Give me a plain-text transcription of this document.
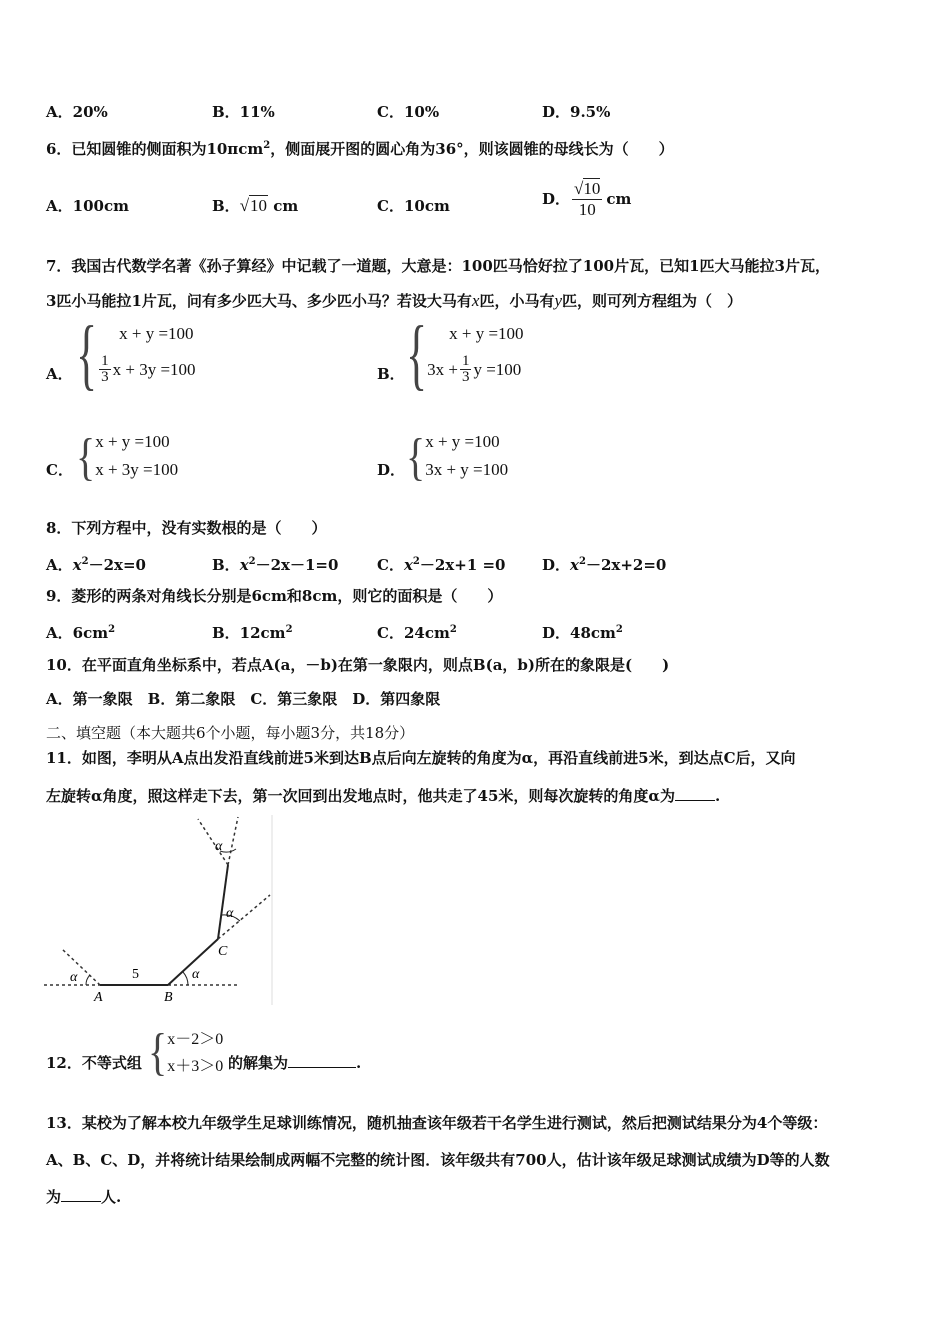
A．20%	B．11%	C．10%	D．9.5%
6．已知圆锥的侧面积为10πcm$^2$，侧面展开图的圆心角为36°，则该圆锥的母线长为（　　）
A．100cm	B．√10 cm	C．10cm	D． $\frac{√10}{10}$ cm
7．我国古代数学名著《孙子算经》中记载了一道题，大意是：100匹马恰好拉了100片瓦，已知1匹大马能拉3片瓦，
3匹小马能拉1片瓦，问有多少匹大马、多少匹小马？若设大马有x匹，小马有y匹，则可列方程组为（　）
A． {	x + y =100
$\frac{1}{3}$ x + 3y =100	B． {	x + y =100
$3x + \frac{1}{3}$ y =100
C． { x + y =100
x + 3y =100	D． { x + y =100
3x + y =100
8．下列方程中，没有实数根的是（　　）
A．$x^2-2x=0$	B．$x^2-2x-1=0$	C．$x^2-2x+1 =0$ D．$x^2-2x+2=0$
9．菱形的两条对角线长分别是6cm和8cm，则它的面积是（　　）
A．$6cm^2$	B．$12cm^2$	C．$24cm^2$	D．$48cm^2$
10．在平面直角坐标系中，若点A(a，－b)在第一象限内，则点B(a，b)所在的象限是(　　)
A．第一象限　B．第二象限　C．第三象限　D．第四象限
二、填空题（本大题共6个小题，每小题3分，共18分）
11．如图，李明从A点出发沿直线前进5米到达B点后向左旋转的角度为α，再沿直线前进5米，到达点C后，又向
左旋转α角度，照这样走下去，第一次回到出发地点时，他共走了45米，则每次旋转的角度α为	.
α	α
α
α
5
A	B
C
12．不等式组 { x－2＞0
x＋3＞0 的解集为	.
13．某校为了解本校九年级学生足球训练情况，随机抽查该年级若干名学生进行测试，然后把测试结果分为4个等级：
A、B、C、D，并将统计结果绘制成两幅不完整的统计图．该年级共有700人，估计该年级足球测试成绩为D等的人数
为	人.
